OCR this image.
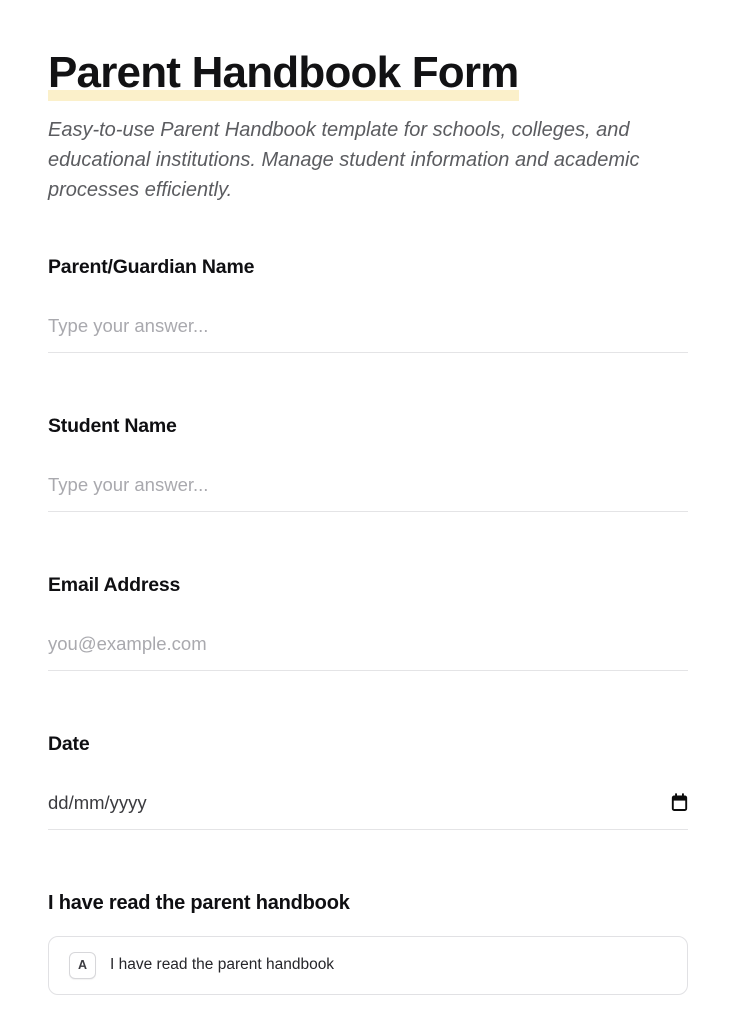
Parent Handbook Form

Easy-to-use Parent Handbook template for schools, colleges, and educational institutions. Manage student information and academic processes efficiently.

Parent/Guardian Name
Type your answer...
Student Name
Type your answer...
Email Address
you@example.com
Date
dd/mm/yyyy
I have read the parent handbook
A	I have read the parent handbook
